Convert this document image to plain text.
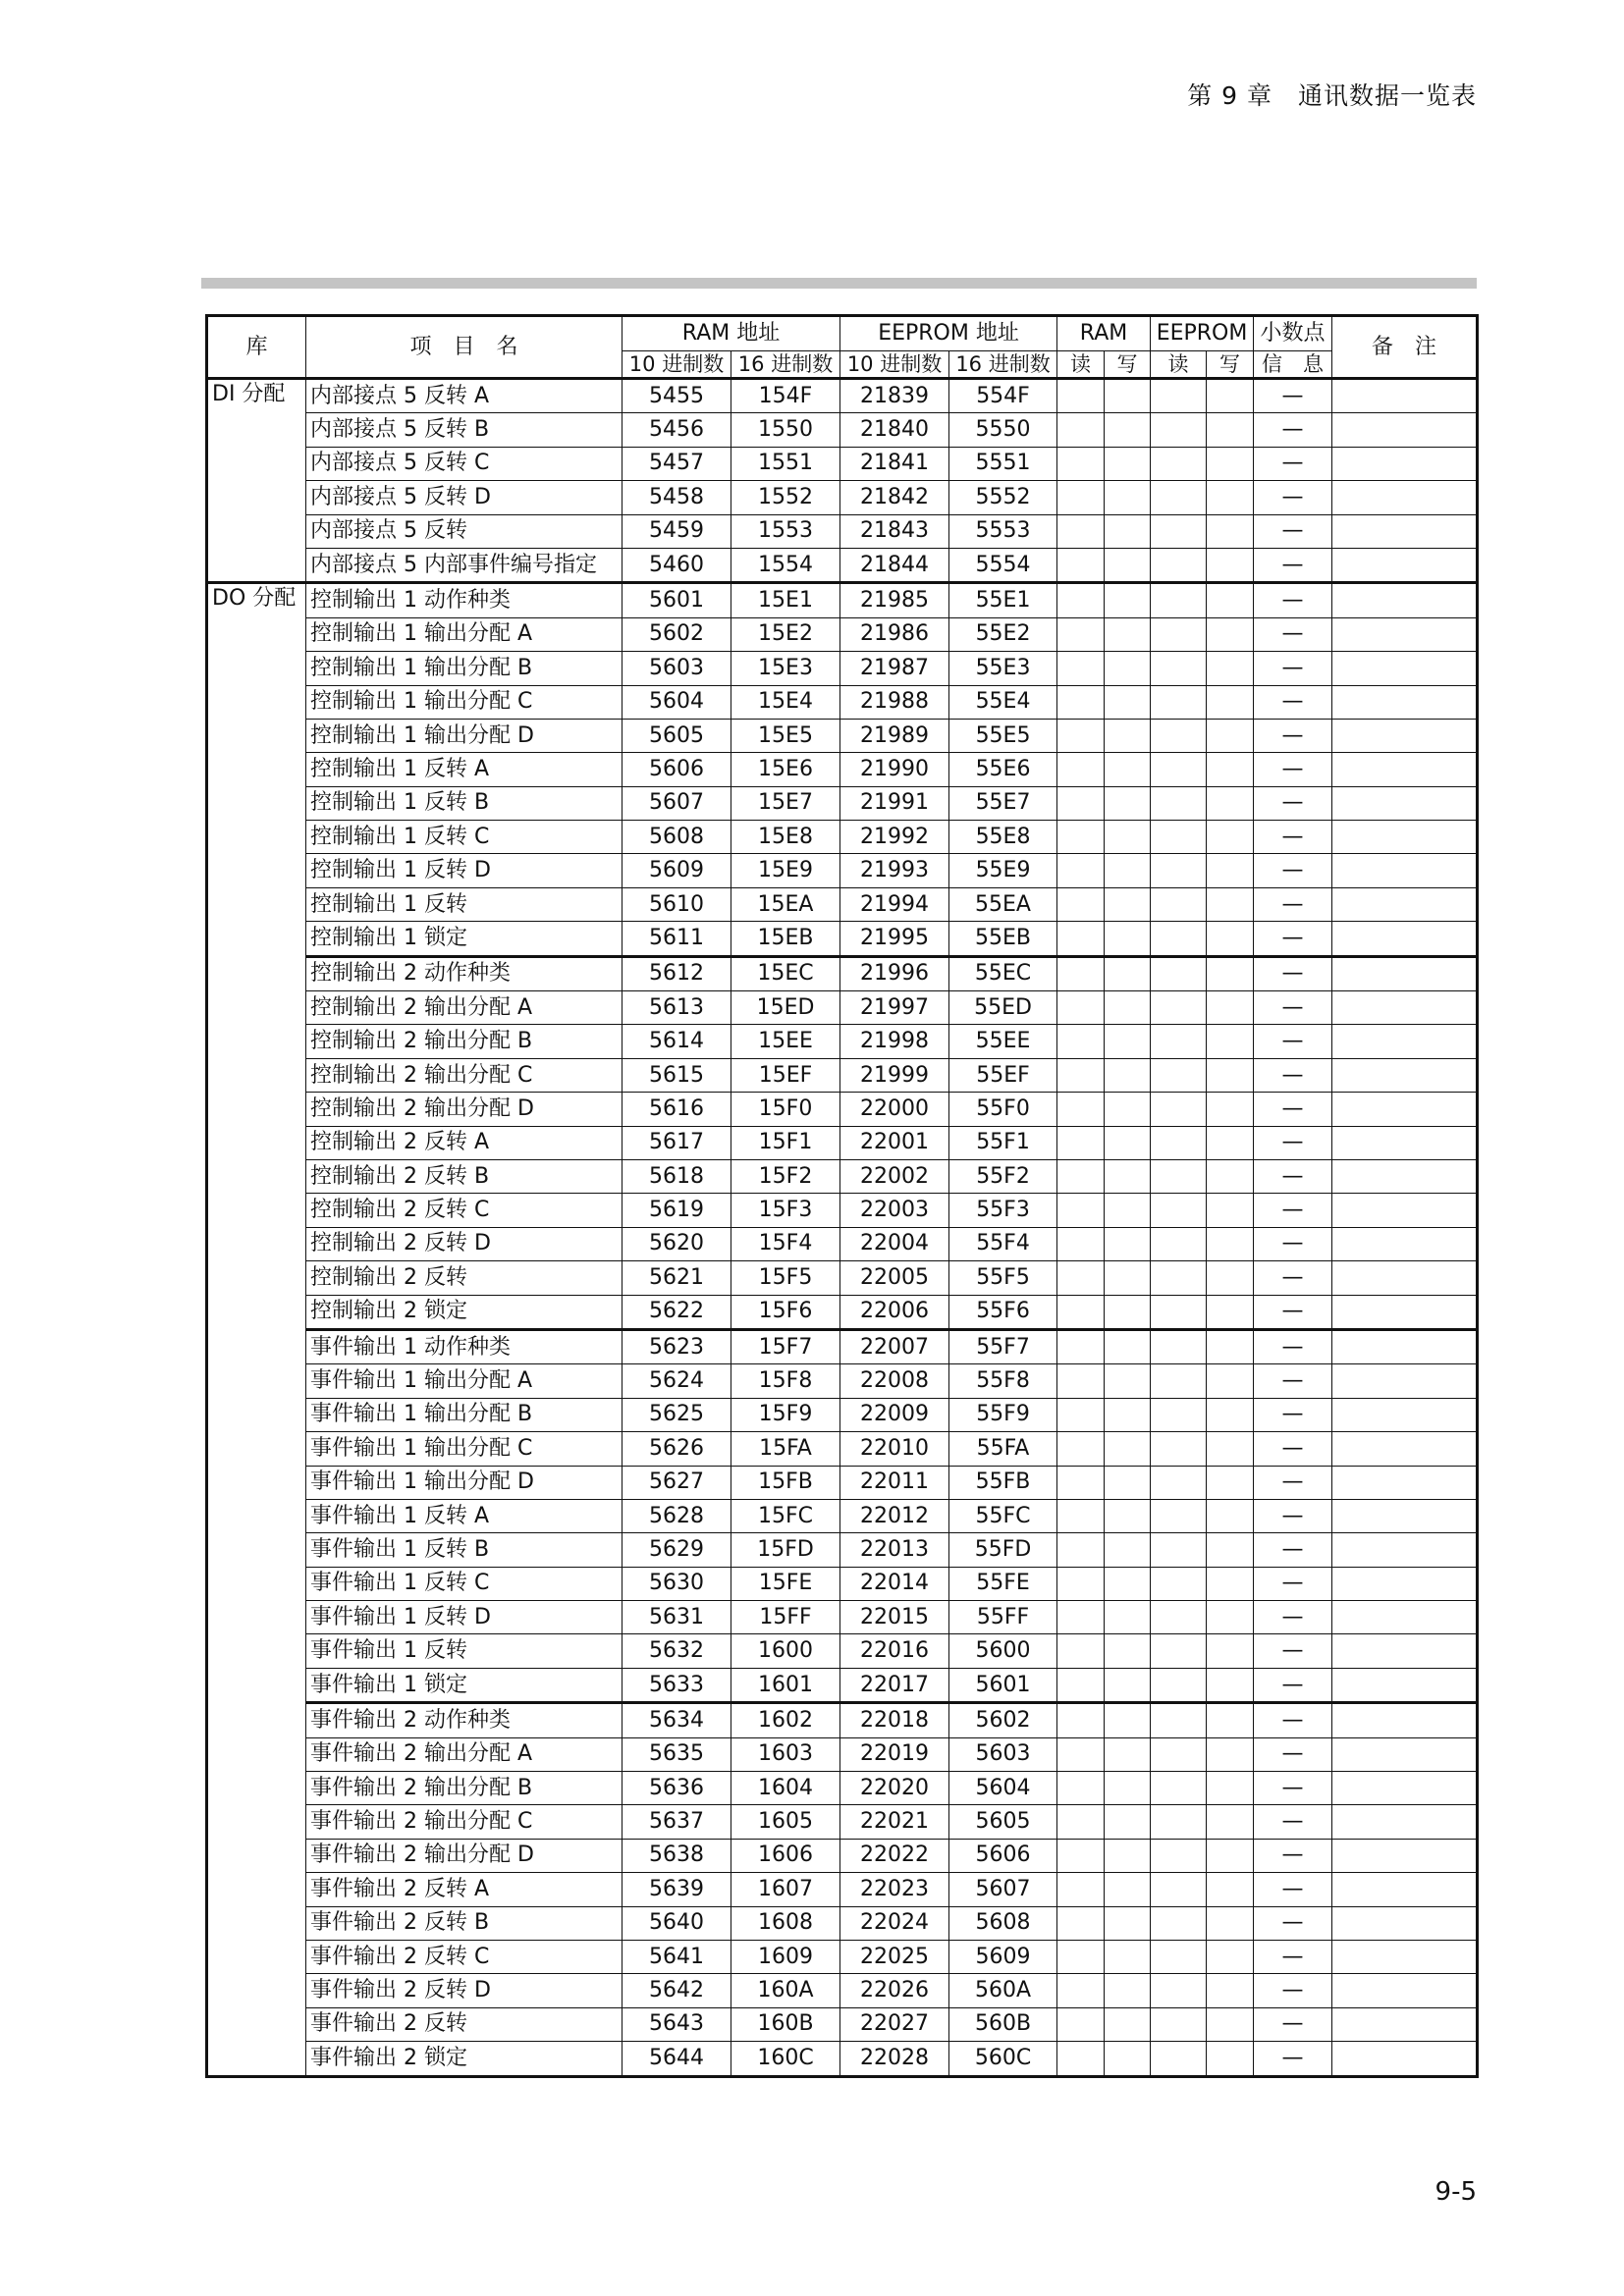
第 9 章　通讯数据一览表
库	项　目　名	RAM 地址		EEPROM 地址		RAM		EEPROM		小数点	备　注
		10 进制数	16 进制数	10 进制数	16 进制数	读	写	读	写	信　息	
DI 分配	内部接点 5 反转 A	5455	154F	21839	554F					—	
	内部接点 5 反转 B	5456	1550	21840	5550					—	
	内部接点 5 反转 C	5457	1551	21841	5551					—	
	内部接点 5 反转 D	5458	1552	21842	5552					—	
	内部接点 5 反转	5459	1553	21843	5553					—	
	内部接点 5 内部事件编号指定	5460	1554	21844	5554					—	
DO 分配	控制输出 1 动作种类	5601	15E1	21985	55E1					—	
	控制输出 1 输出分配 A	5602	15E2	21986	55E2					—	
	控制输出 1 输出分配 B	5603	15E3	21987	55E3					—	
	控制输出 1 输出分配 C	5604	15E4	21988	55E4					—	
	控制输出 1 输出分配 D	5605	15E5	21989	55E5					—	
	控制输出 1 反转 A	5606	15E6	21990	55E6					—	
	控制输出 1 反转 B	5607	15E7	21991	55E7					—	
	控制输出 1 反转 C	5608	15E8	21992	55E8					—	
	控制输出 1 反转 D	5609	15E9	21993	55E9					—	
	控制输出 1 反转	5610	15EA	21994	55EA					—	
	控制输出 1 锁定	5611	15EB	21995	55EB					—	
	控制输出 2 动作种类	5612	15EC	21996	55EC					—	
	控制输出 2 输出分配 A	5613	15ED	21997	55ED					—	
	控制输出 2 输出分配 B	5614	15EE	21998	55EE					—	
	控制输出 2 输出分配 C	5615	15EF	21999	55EF					—	
	控制输出 2 输出分配 D	5616	15F0	22000	55F0					—	
	控制输出 2 反转 A	5617	15F1	22001	55F1					—	
	控制输出 2 反转 B	5618	15F2	22002	55F2					—	
	控制输出 2 反转 C	5619	15F3	22003	55F3					—	
	控制输出 2 反转 D	5620	15F4	22004	55F4					—	
	控制输出 2 反转	5621	15F5	22005	55F5					—	
	控制输出 2 锁定	5622	15F6	22006	55F6					—	
	事件输出 1 动作种类	5623	15F7	22007	55F7					—	
	事件输出 1 输出分配 A	5624	15F8	22008	55F8					—	
	事件输出 1 输出分配 B	5625	15F9	22009	55F9					—	
	事件输出 1 输出分配 C	5626	15FA	22010	55FA					—	
	事件输出 1 输出分配 D	5627	15FB	22011	55FB					—	
	事件输出 1 反转 A	5628	15FC	22012	55FC					—	
	事件输出 1 反转 B	5629	15FD	22013	55FD					—	
	事件输出 1 反转 C	5630	15FE	22014	55FE					—	
	事件输出 1 反转 D	5631	15FF	22015	55FF					—	
	事件输出 1 反转	5632	1600	22016	5600					—	
	事件输出 1 锁定	5633	1601	22017	5601					—	
	事件输出 2 动作种类	5634	1602	22018	5602					—	
	事件输出 2 输出分配 A	5635	1603	22019	5603					—	
	事件输出 2 输出分配 B	5636	1604	22020	5604					—	
	事件输出 2 输出分配 C	5637	1605	22021	5605					—	
	事件输出 2 输出分配 D	5638	1606	22022	5606					—	
	事件输出 2 反转 A	5639	1607	22023	5607					—	
	事件输出 2 反转 B	5640	1608	22024	5608					—	
	事件输出 2 反转 C	5641	1609	22025	5609					—	
	事件输出 2 反转 D	5642	160A	22026	560A					—	
	事件输出 2 反转	5643	160B	22027	560B					—	
	事件输出 2 锁定	5644	160C	22028	560C					—	
9-5
